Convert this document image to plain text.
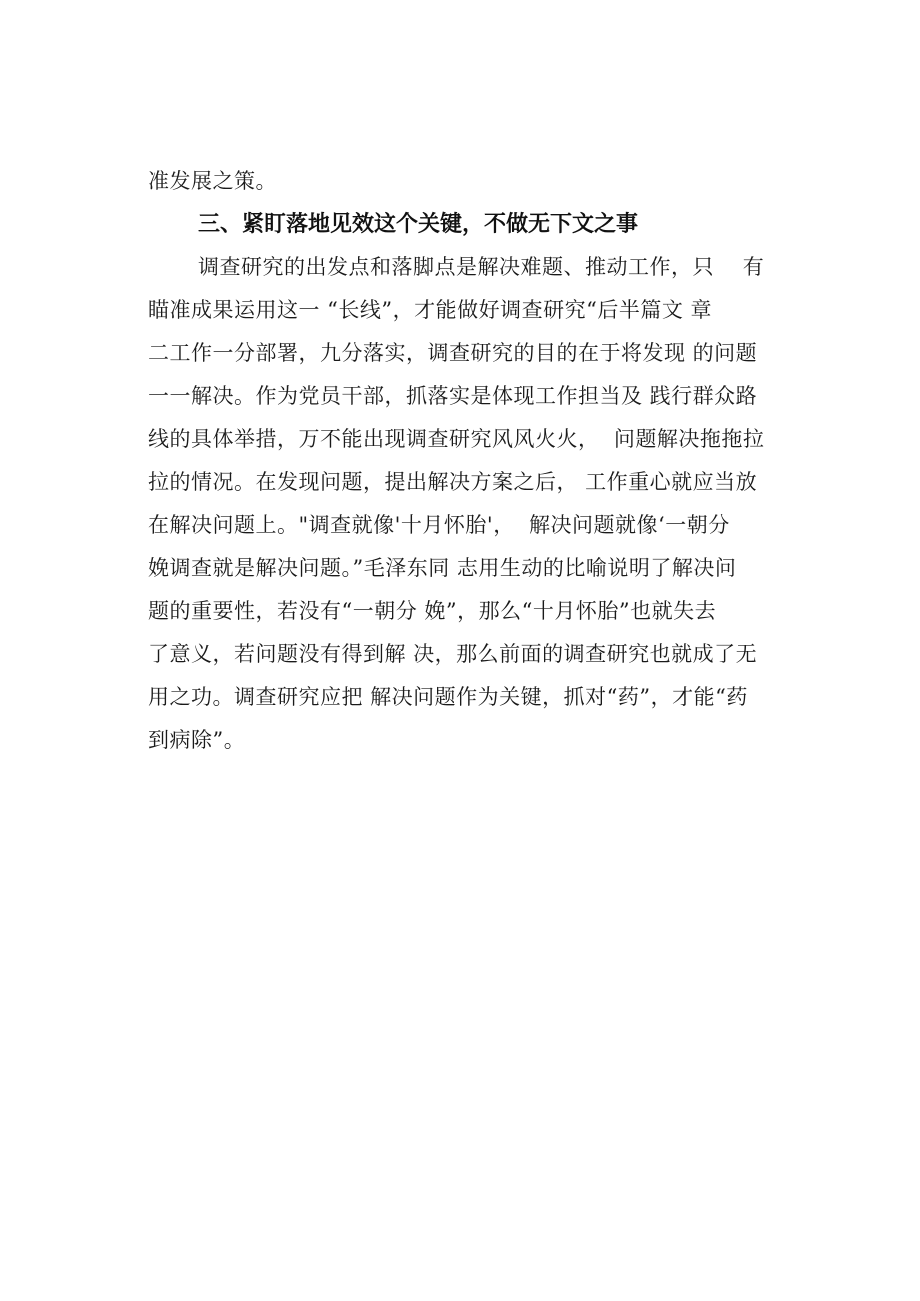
准发展之策。
三、紧盯落地见效这个关键，不做无下文之事
调查研究的出发点和落脚点是解决难题、推动工作，只    有
瞄准成果运用这一 “长线”，才能做好调查研究“后半篇文 章
二工作一分部署，九分落实，调查研究的目的在于将发现 的问题
一一解决。作为党员干部，抓落实是体现工作担当及 践行群众路
线的具体举措，万不能出现调查研究风风火火，  问题解决拖拖拉
拉的情况。在发现问题，提出解决方案之后， 工作重心就应当放
在解决问题上。"调查就像'十月怀胎'，  解决问题就像‘一朝分
娩调查就是解决问题。”毛泽东同 志用生动的比喻说明了解决问
题的重要性，若没有“一朝分 娩”，那么“十月怀胎”也就失去
了意义，若问题没有得到解 决，那么前面的调查研究也就成了无
用之功。调查研究应把 解决问题作为关键，抓对“药”，才能“药
到病除”。
